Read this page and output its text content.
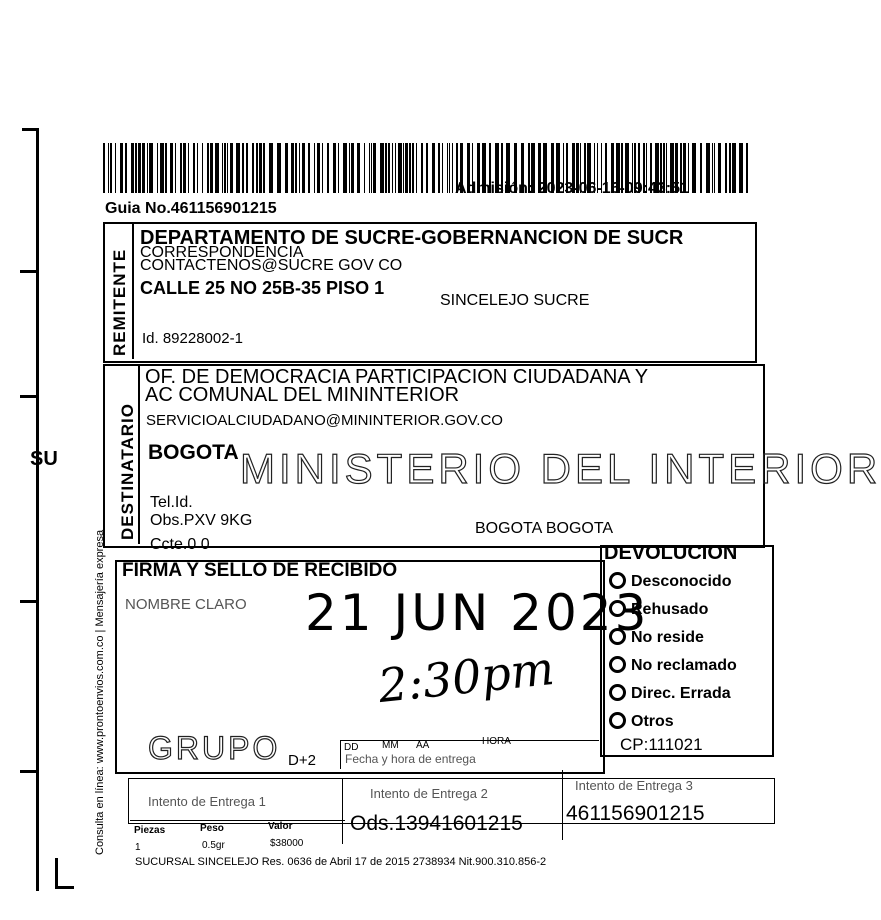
SU
Admisión: 2023-06-16-09:43:51
Guia No.461156901215
REMITENTE
DEPARTAMENTO DE SUCRE-GOBERNANCION DE SUCR
CORRESPONDENCIA
CONTACTENOS@SUCRE GOV CO
CALLE 25 NO 25B-35 PISO 1
SINCELEJO SUCRE
Id. 89228002-1
DESTINATARIO
OF. DE DEMOCRACIA PARTICIPACION CIUDADANA Y
AC COMUNAL DEL MININTERIOR
SERVICIOALCIUDADANO@MININTERIOR.GOV.CO
BOGOTA MINISTERIO DEL INTERIOR
Tel.Id.
Obs.PXV 9KG
Ccte.0 0
BOGOTA BOGOTA
FIRMA Y SELLO DE RECIBIDO
NOMBRE CLARO 21 JUN 2023
2:30pm
GRUPO D+2
DD MM AA	HORA
Fecha y hora de entrega
DEVOLUCION
Desconocido
Rehusado
No reside
No reclamado
Direc. Errada
Otros
CP:111021
Intento de Entrega 1
Intento de Entrega 2
Intento de Entrega 3
Piezas	Peso	Valor
1	0.5gr	$38000
Ods.13941601215 461156901215
SUCURSAL SINCELEJO Res. 0636 de Abril 17 de 2015 2738934 Nit.900.310.856-2
Consulta en línea: www.prontoenvios.com.co | Mensajería expresa
